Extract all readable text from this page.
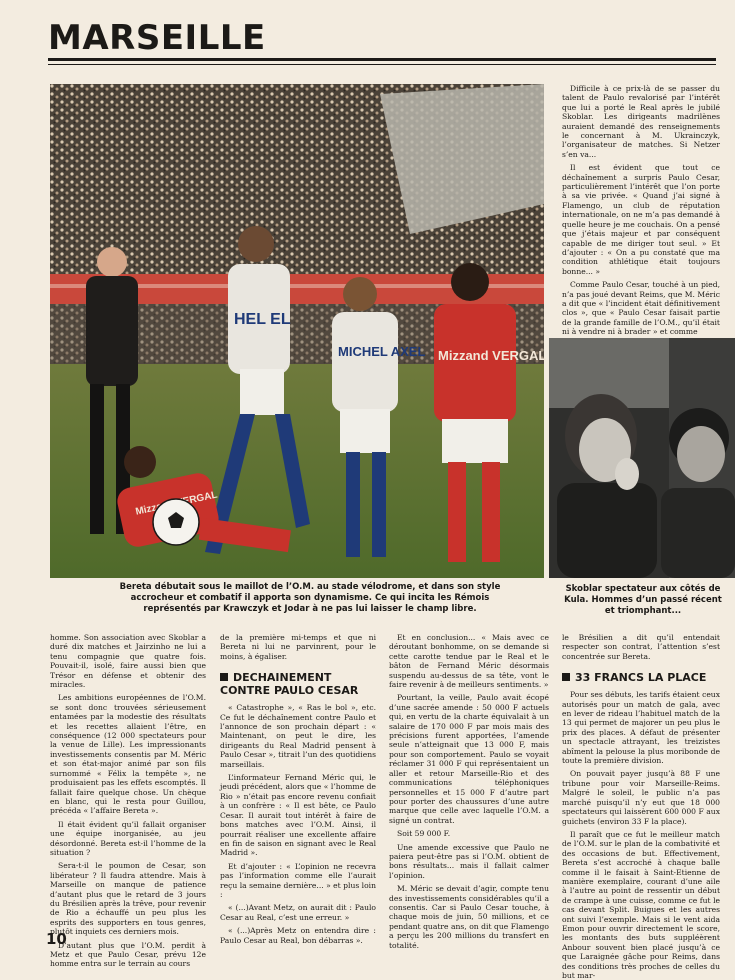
MARSEILLE
HEL EL
MICHEL AXEL Mizzand VERGAL
Mizzand VERGAL
Bereta débutait sous le maillot de l’O.M. au stade vélodrome, et dans son style accrocheur et combatif il apporta son dynamisme. Ce qui incita les Rémois représentés par Krawczyk et Jodar à ne pas lui laisser le champ libre.
Skoblar spectateur aux côtés de Kula. Hommes d’un passé récent et triomphant...

Difficile à ce prix-là de se passer du talent de Paulo revalorisé par l’intérêt que lui a porté le Real après le jubilé Skoblar. Les dirigeants madrilènes auraient demandé des renseignements le concernant à M. Ukrainczyk, l’organisateur de matches. Si Netzer s’en va...

Il est évident que tout ce déchaînement a surpris Paulo Cesar, particulièrement l’intérêt que l’on porte à sa vie privée. « Quand j’ai signé à Flamengo, un club de réputation internationale, on ne m’a pas demandé à quelle heure je me couchais. On a pensé que j’étais majeur et par conséquent capable de me diriger tout seul. » Et d’ajouter : « On a pu constaté que ma condition athlétique était toujours bonne... »

Comme Paulo Cesar, touché à un pied, n’a pas joué devant Reims, que M. Méric a dit que « l’incident était définitivement clos », que « Paulo Cesar faisait partie de la grande famille de l’O.M., qu’il était ni à vendre ni à brader » et comme

homme. Son association avec Skoblar a duré dix matches et Jairzinho ne lui a tenu compagnie que quatre fois. Pouvait-il, isolé, faire aussi bien que Trésor en défense et obtenir des miracles.

Les ambitions européennes de l’O.M. se sont donc trouvées sérieusement entamées par la modestie des résultats et les recettes allaient l’être, en conséquence (12 000 spectateurs pour la venue de Lille). Les impressionants investissements consentis par M. Méric et son état-major animé par son fils surnommé « Félix la tempête », ne produisaient pas les effets escomptés. Il fallait faire quelque chose. Un chèque en blanc, qui le resta pour Guillou, précéda « l’affaire Bereta ».

Il était évident qu’il fallait organiser une équipe inorganisée, au jeu désordonné. Bereta est-il l’homme de la situation ?

Sera-t-il le poumon de Cesar, son libérateur ? Il faudra attendre. Mais à Marseille on manque de patience d’autant plus que le retard de 3 jours du Brésilien après la trêve, pour revenir de Rio a échauffé un peu plus les esprits des supporters en tous genres, plutôt inquiets ces derniers mois.

D’autant plus que l’O.M. perdit à Metz et que Paulo Cesar, prévu 12e homme entra sur le terrain au cours

de la première mi-temps et que ni Bereta ni lui ne parvinrent, pour le moins, à égaliser.

DECHAINEMENT CONTRE PAULO CESAR

« Catastrophe », « Ras le bol », etc. Ce fut le déchaînement contre Paulo et l’annonce de son prochain départ : « Maintenant, on peut le dire, les dirigeants du Real Madrid pensent à Paulo Cesar », titrait l’un des quotidiens marseillais.

L’informateur Fernand Méric qui, le jeudi précédent, alors que « l’homme de Rio » n’était pas encore revenu confiait à un confrère : « Il est bête, ce Paulo Cesar. Il aurait tout intérêt à faire de bons matches avec l’O.M. Ainsi, il pourrait réaliser une excellente affaire en fin de saison en signant avec le Real Madrid ».

Et d’ajouter : « L’opinion ne recevra pas l’information comme elle l’aurait reçu la semaine dernière... » et plus loin :

« (...)Avant Metz, on aurait dit : Paulo Cesar au Real, c’est une erreur. »

« (...)Après Metz on entendra dire : Paulo Cesar au Real, bon débarras ».

Et en conclusion... « Mais avec ce déroutant bonhomme, on se demande si cette carotte tendue par le Real et le bâton de Fernand Méric désormais suspendu au-dessus de sa tête, vont le faire revenir à de meilleurs sentiments. »

Pourtant, la veille, Paulo avait écopé d’une sacrée amende : 50 000 F actuels qui, en vertu de la charte équivalait à un salaire de 170 000 F par mois mais des précisions furent apportées, l’amende seule n’atteignait que 13 000 F, mais pour son comportement. Paulo se voyait réclamer 31 000 F qui représentaient un aller et retour Marseille-Rio et des communications téléphoniques personnelles et 15 000 F d’autre part pour porter des chaussures d’une autre marque que celle avec laquelle l’O.M. a signé un contrat.

Soit 59 000 F.

Une amende excessive que Paulo ne paiera peut-être pas si l’O.M. obtient de bons résultats... mais il fallait calmer l’opinion.

M. Méric se devait d’agir, compte tenu des investissements considérables qu’il a consentis. Car si Paulo Cesar touche, à chaque mois de juin, 50 millions, et ce pendant quatre ans, on dit que Flamengo a perçu les 200 millions du transfert en totalité.

le Brésilien a dit qu’il entendait respecter son contrat, l’attention s’est concentrée sur Bereta.

33 FRANCS LA PLACE

Pour ses débuts, les tarifs étaient ceux autorisés pour un match de gala, avec en lever de rideau l’habituel match de la 13 qui permet de majorer un peu plus le prix des places. A défaut de présenter un spectacle attrayant, les treizistes abîment la pelouse la plus moribonde de toute la première division.

On pouvait payer jusqu’à 88 F une tribune pour voir Marseille-Reims. Malgré le soleil, le public n’a pas marché puisqu’il n’y eut que 18 000 spectateurs qui laissèrent 600 000 F aux guichets (environ 33 F la place).

Il paraît que ce fut le meilleur match de l’O.M. sur le plan de la combativité et des occasions de but. Effectivement, Bereta s’est accroché à chaque balle comme il le faisait à Saint-Etienne de manière exemplaire, courant d’une aile à l’autre au point de ressentir un début de crampe à une cuisse, comme ce fut le cas devant Split. Buigues et les autres ont suivi l’exemple. Mais si le vent aida Emon pour ouvrir directement le score, les montants des buts suppléèrent Anbour souvent bien placé jusqu’à ce que Laraignée gâche pour Reims, dans des conditions très proches de celles du but mar-

10
